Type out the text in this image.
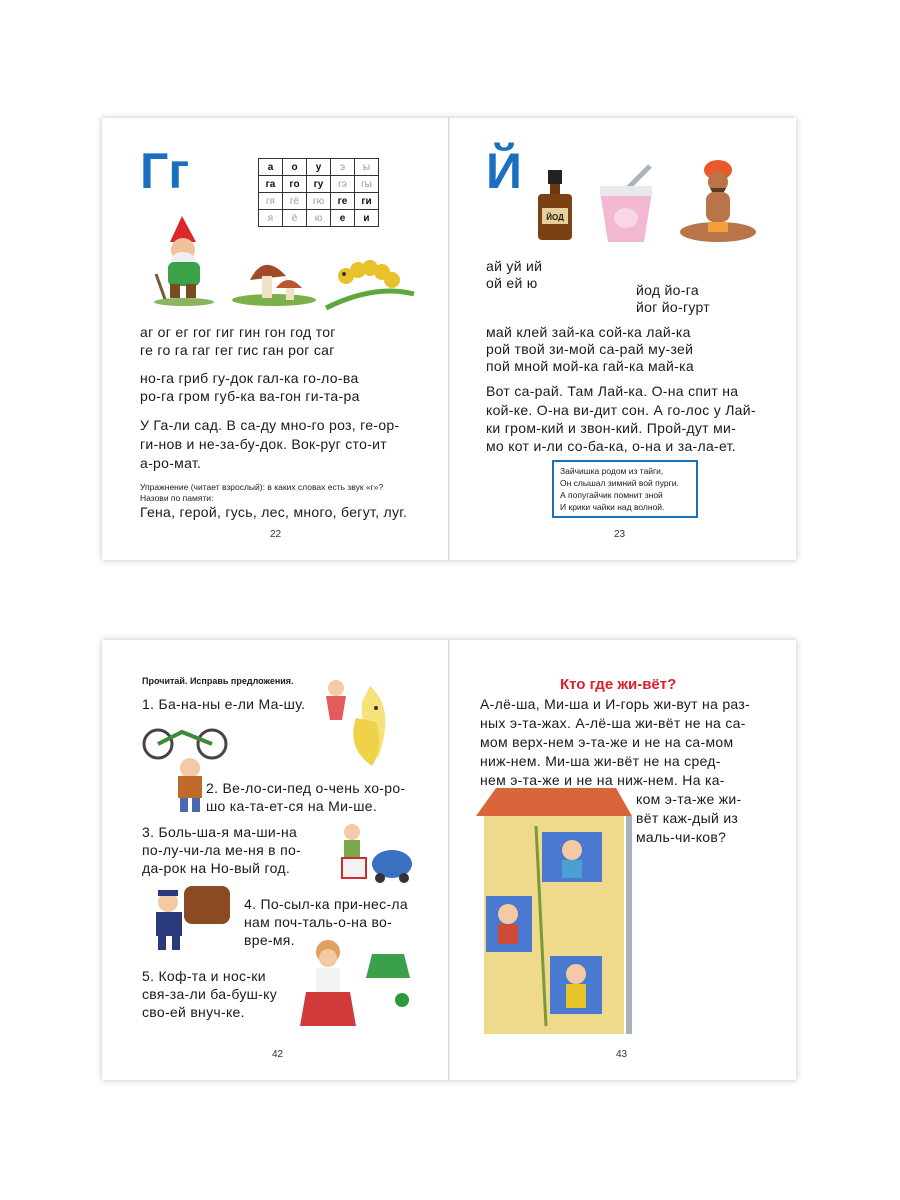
Гг	а	о	у	э	ы
га	го	гу	гэ	гы
гя	гё	гю	ге	ги
я	ё	ю	е	и
аг ог ег гог гиг гин гон год тог
ге го га гаг гег гис ган рог саг
но-га гриб гу-док гал-ка го-ло-ва
ро-га гром губ-ка ва-гон ги-та-ра
У Га-ли сад. В са-ду мно-го роз, ге-ор-
ги-нов и не-за-бу-док. Вок-руг сто-ит
а-ро-мат.
Упражнение (читает взрослый): в каких словах есть звук «г»?
Назови по памяти:
Гена, герой, гусь, лес, много, бегут, луг.
22
Й
ЙОД
ай уй ий
ой ей ю	йод йо-га
йог йо-гурт
май клей зай-ка сой-ка лай-ка
рой твой зи-мой са-рай му-зей
пой мной мой-ка гай-ка май-ка
Вот са-рай. Там Лай-ка. О-на спит на
кой-ке. О-на ви-дит сон. А го-лос у Лай-
ки гром-кий и звон-кий. Прой-дут ми-
мо кот и-ли со-ба-ка, о-на и за-ла-ет.
Зайчишка родом из тайги,
Он слышал зимний вой пурги.
А попугайчик помнит зной
И крики чайки над волной.
23
Прочитай. Исправь предложения.
1. Ба-на-ны е-ли Ма-шу.
2. Ве-ло-си-пед о-чень хо-ро-
шо ка-та-ет-ся на Ми-ше.
3. Боль-ша-я ма-ши-на
по-лу-чи-ла ме-ня в по-
да-рок на Но-вый год.
4. По-сыл-ка при-нес-ла
нам поч-таль-о-на во-
вре-мя.
5. Коф-та и нос-ки
свя-за-ли ба-буш-ку
сво-ей внуч-ке.
42
Кто где жи-вёт?
А-лё-ша, Ми-ша и И-горь жи-вут на раз-
ных э-та-жах. А-лё-ша жи-вёт не на са-
мом верх-нем э-та-же и не на са-мом
ниж-нем. Ми-ша жи-вёт не на сред-
нем э-та-же и не на ниж-нем. На ка-
ком э-та-же жи-
вёт каж-дый из
маль-чи-ков?
43
